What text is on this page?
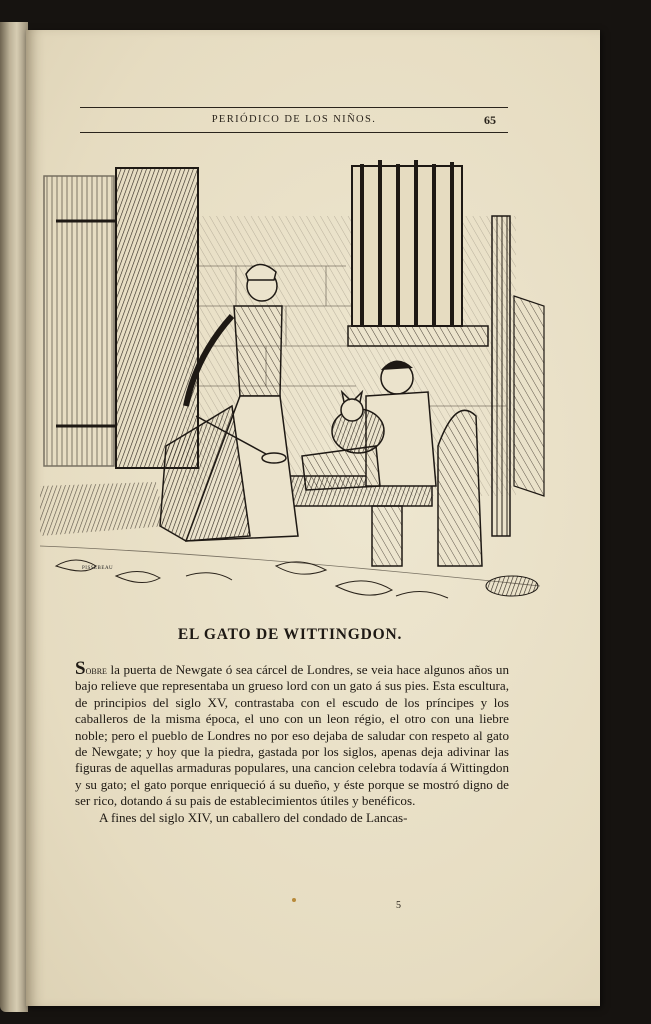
PERIÓDICO DE LOS NIÑOS.	65
PISSEBEAU
EL GATO DE WITTINGDON.

Sobre la puerta de Newgate ó sea cárcel de Londres, se veia hace algunos años un bajo relieve que representaba un grueso lord con un gato á sus pies. Esta escultura, de principios del siglo XV, contrastaba con el escudo de los príncipes y los caballeros de la misma época, el uno con un leon régio, el otro con una liebre noble; pero el pueblo de Londres no por eso dejaba de saludar con respeto al gato de Newgate; y hoy que la piedra, gastada por los siglos, apenas deja adivinar las figuras de aquellas armaduras populares, una cancion celebra todavía á Wittingdon y su gato; el gato porque enriqueció á su dueño, y éste porque se mostró digno de ser rico, dotando á su pais de establecimientos útiles y benéficos.

A fines del siglo XIV, un caballero del condado de Lancas-

5
